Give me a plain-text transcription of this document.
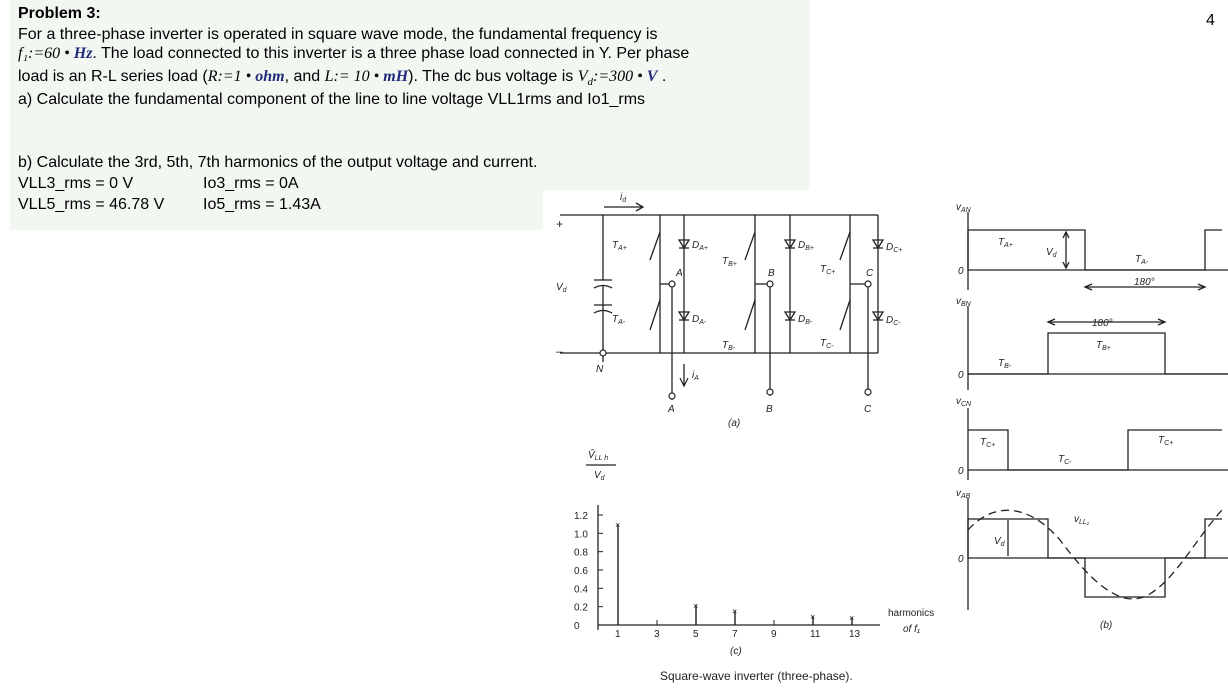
4
Problem 3:
For a three-phase inverter is operated in square wave mode, the fundamental frequency is
f₁:=60 • Hz. The load connected to this inverter is a three phase load connected in Y. Per phase
load is an R-L series load (R:=1 • ohm, and L:= 10 • mH). The dc bus voltage is $V_d:=300$ • V .
a) Calculate the fundamental component of the line to line voltage VLL1rms and Io1_rms
b) Calculate the 3rd, 5th, 7th harmonics of the output voltage and current.
VLL3_rms = 0 V	Io3_rms = 0A
VLL5_rms = 46.78 V Io5_rms = 1.43A	$i_d$
+
–
$V_d$
N
$T_{A+}$
$T_{A-}$
$D_{A+}$
$D_{A-}$
$T_{B+}$
$T_{B-}$
$D_{B+}$
$D_{B-}$
$T_{C+}$
$T_{C-}$
$D_{C+}$
$D_{C-}$
A	B	C
A	B	C
$i_A$
(a)
$v_{AN}$
0
$T_{A+}$
$V_d$	$T_{A-}$
180°
$v_{BN}$
0
180°
$T_{B+}$
$T_{B-}$
$v_{CN}$
0
$T_{C+}$
$T_{C-}$
$T_{C+}$
$v_{AB}$
0
$V_d$
$v_{LL_1}$
(b)
$V̂_{LL h}$
$V_d$
harmonics
of f₁
(c)
Square-wave inverter (three-phase).
1.2
1.0
0.8
0.6
0.4
0.2
0
1	3	5	7	9	11	13
×
×
×
×	×
